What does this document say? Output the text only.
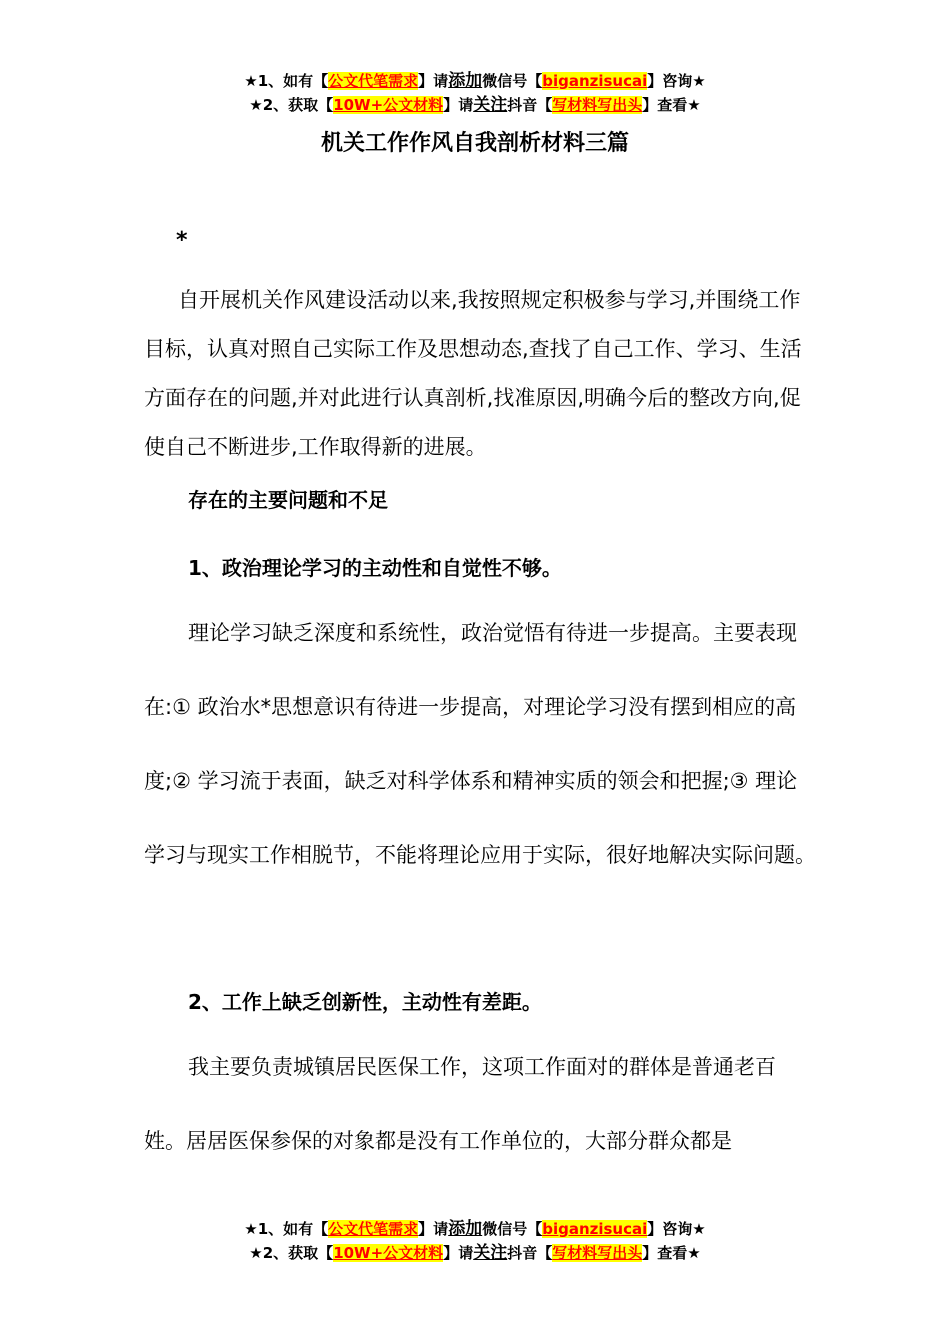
★1、如有【公文代笔需求】请添加微信号【biganzisucai】咨询★
★2、获取【10W+公文材料】请关注抖音【写材料写出头】查看★
机关工作作风自我剖析材料三篇
*
自开展机关作风建设活动以来,我按照规定积极参与学习,并围绕工作目标，认真对照自己实际工作及思想动态,查找了自己工作、学习、生活方面存在的问题,并对此进行认真剖析,找准原因,明确今后的整改方向,促使自己不断进步,工作取得新的进展。
存在的主要问题和不足
1、政治理论学习的主动性和自觉性不够。
理论学习缺乏深度和系统性，政治觉悟有待进一步提高。主要表现在:① 政治水*思想意识有待进一步提高，对理论学习没有摆到相应的高度;② 学习流于表面，缺乏对科学体系和精神实质的领会和把握;③ 理论学习与现实工作相脱节，不能将理论应用于实际，很好地解决实际问题。
2、工作上缺乏创新性，主动性有差距。
我主要负责城镇居民医保工作，这项工作面对的群体是普通老百姓。居居医保参保的对象都是没有工作单位的，大部分群众都是
★1、如有【公文代笔需求】请添加微信号【biganzisucai】咨询★
★2、获取【10W+公文材料】请关注抖音【写材料写出头】查看★
